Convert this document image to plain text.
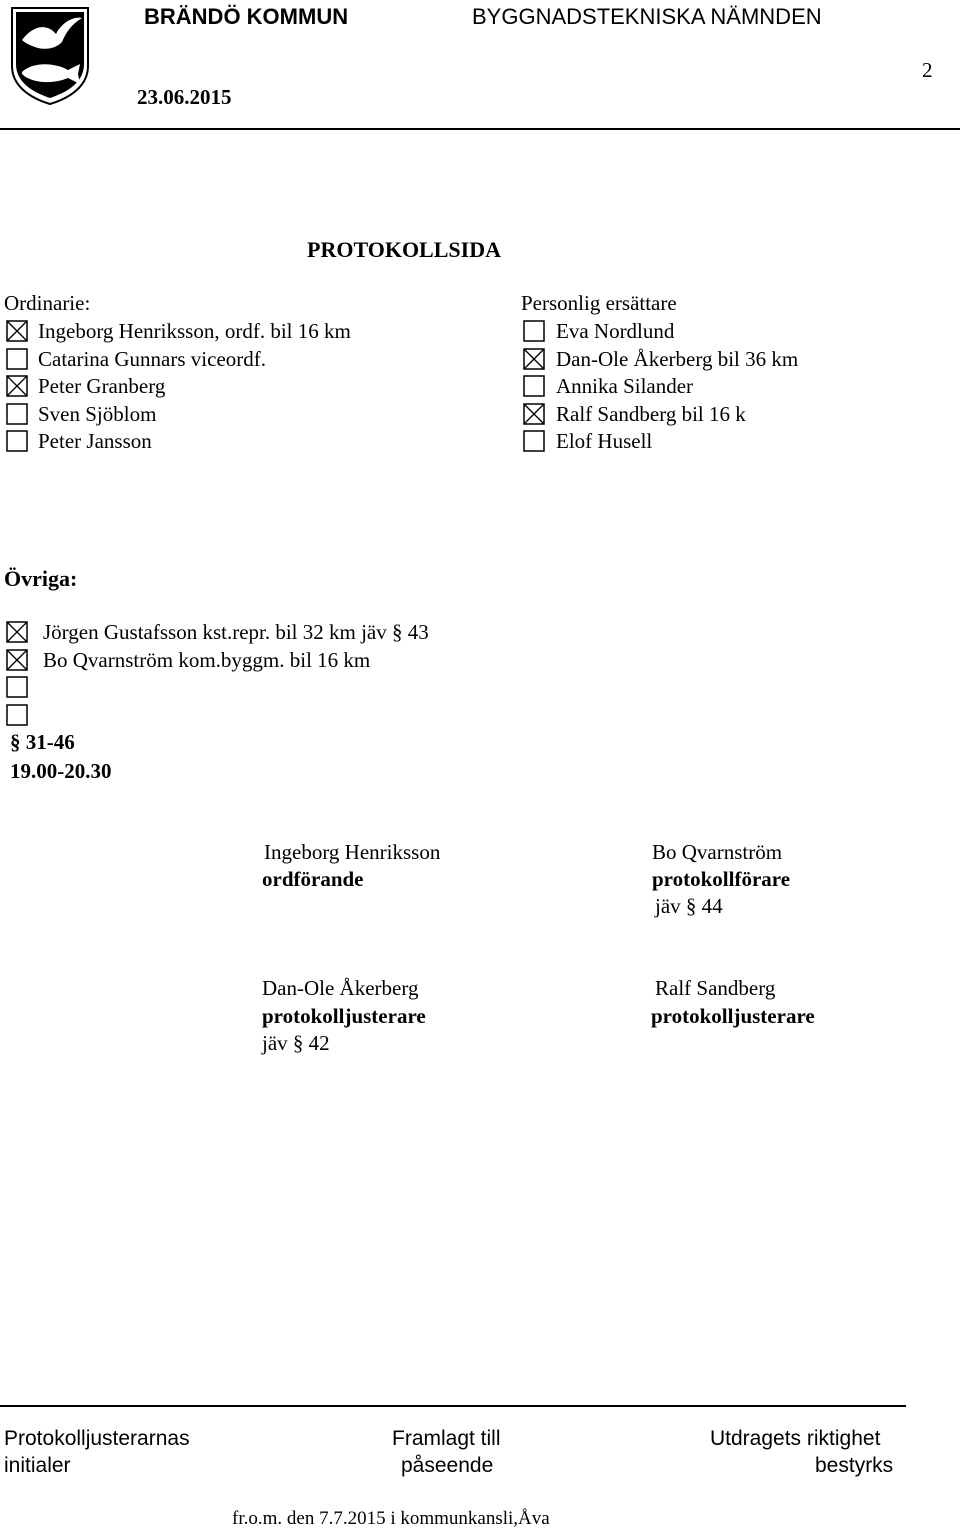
BRÄNDÖ KOMMUN	BYGGNADSTEKNISKA NÄMNDEN
23.06.2015
2
PROTOKOLLSIDA
Ordinarie:	Personlig ersättare
Ingeborg Henriksson, ordf. bil 16 km
Catarina Gunnars viceordf.
Peter Granberg
Sven Sjöblom
Peter Jansson
Eva Nordlund
Dan-Ole Åkerberg bil 36 km
Annika Silander
Ralf Sandberg bil 16 k
Elof Husell
Övriga:
Jörgen Gustafsson kst.repr. bil 32 km jäv § 43
Bo Qvarnström kom.byggm. bil 16 km
§ 31-46
19.00-20.30
Ingeborg Henriksson
ordförande
Bo Qvarnström
protokollförare
jäv § 44
Dan-Ole Åkerberg
protokolljusterare
jäv § 42
Ralf Sandberg
protokolljusterare
Protokolljusterarnas
initialer
Framlagt till
påseende
Utdragets riktighet
bestyrks
fr.o.m. den 7.7.2015 i kommunkansli,Åva
